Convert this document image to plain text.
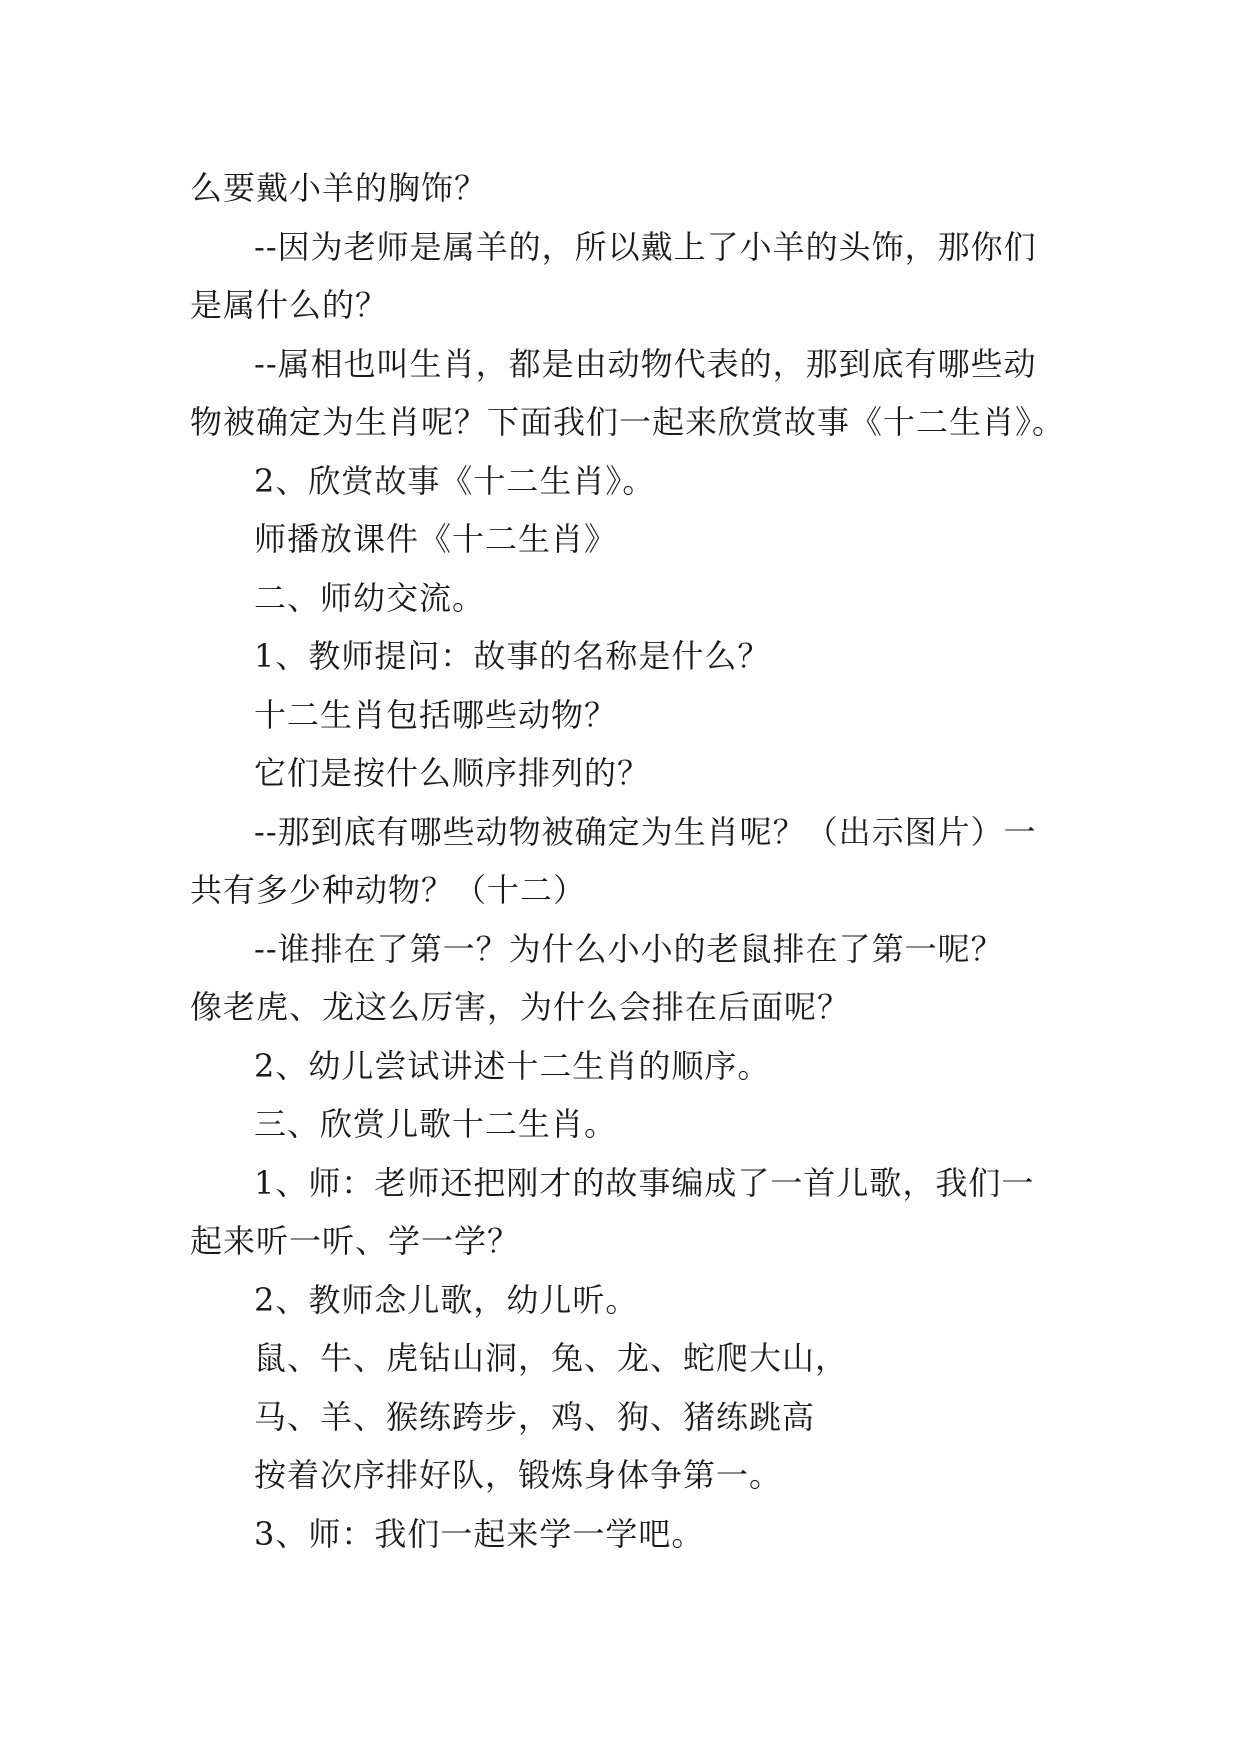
么要戴小羊的胸饰？
--因为老师是属羊的，所以戴上了小羊的头饰，那你们
是属什么的？
--属相也叫生肖，都是由动物代表的，那到底有哪些动
物被确定为生肖呢？下面我们一起来欣赏故事《十二生肖》。
2、欣赏故事《十二生肖》。
师播放课件《十二生肖》
二、师幼交流。
1、教师提问：故事的名称是什么？
十二生肖包括哪些动物？
它们是按什么顺序排列的？
--那到底有哪些动物被确定为生肖呢？（出示图片）一
共有多少种动物？（十二）
--谁排在了第一？为什么小小的老鼠排在了第一呢？
像老虎、龙这么厉害，为什么会排在后面呢？
2、幼儿尝试讲述十二生肖的顺序。
三、欣赏儿歌十二生肖。
1、师：老师还把刚才的故事编成了一首儿歌，我们一
起来听一听、学一学？
2、教师念儿歌，幼儿听。
鼠、牛、虎钻山洞，兔、龙、蛇爬大山，
马、羊、猴练跨步，鸡、狗、猪练跳高
按着次序排好队，锻炼身体争第一。
3、师：我们一起来学一学吧。
